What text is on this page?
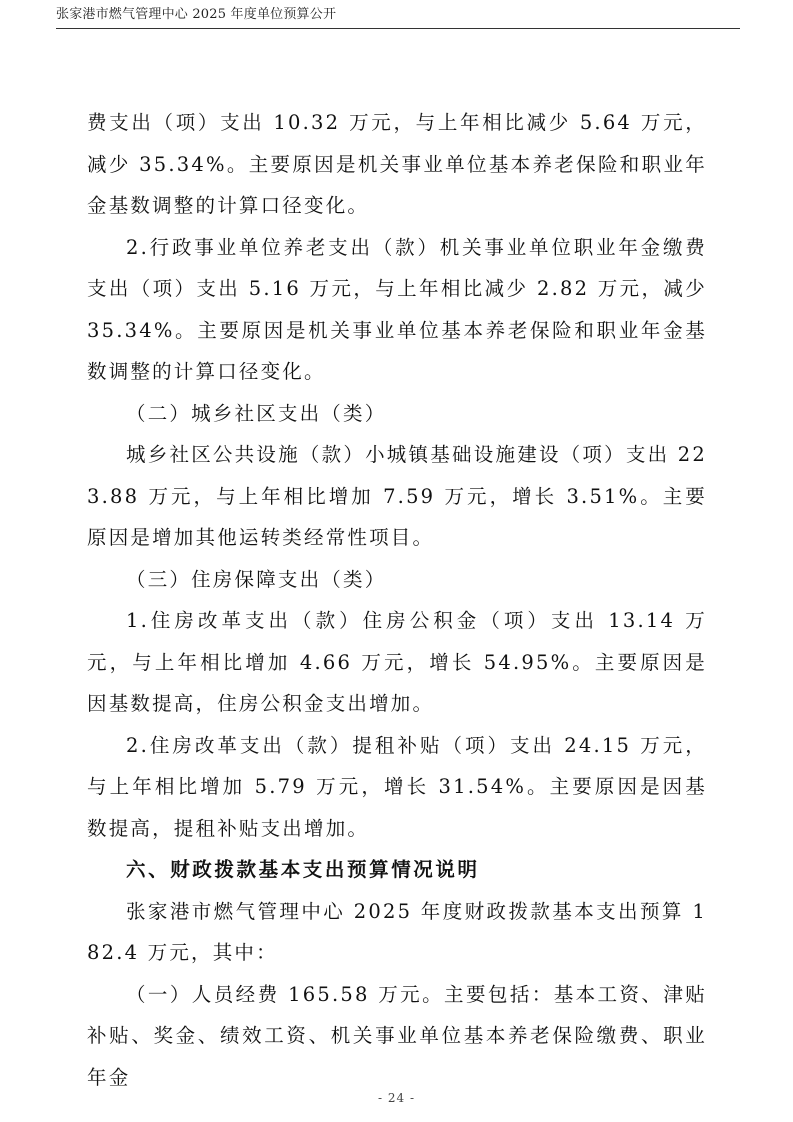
张家港市燃气管理中心 2025 年度单位预算公开

费支出（项）支出 10.32 万元，与上年相比减少 5.64 万元，减少 35.34%。主要原因是机关事业单位基本养老保险和职业年金基数调整的计算口径变化。

2.行政事业单位养老支出（款）机关事业单位职业年金缴费支出（项）支出 5.16 万元，与上年相比减少 2.82 万元，减少 35.34%。主要原因是机关事业单位基本养老保险和职业年金基数调整的计算口径变化。

（二）城乡社区支出（类）

城乡社区公共设施（款）小城镇基础设施建设（项）支出 223.88 万元，与上年相比增加 7.59 万元，增长 3.51%。主要原因是增加其他运转类经常性项目。

（三）住房保障支出（类）

1.住房改革支出（款）住房公积金（项）支出 13.14 万元，与上年相比增加 4.66 万元，增长 54.95%。主要原因是因基数提高，住房公积金支出增加。

2.住房改革支出（款）提租补贴（项）支出 24.15 万元，与上年相比增加 5.79 万元，增长 31.54%。主要原因是因基数提高，提租补贴支出增加。

六、财政拨款基本支出预算情况说明

张家港市燃气管理中心 2025 年度财政拨款基本支出预算 182.4 万元，其中：

（一）人员经费 165.58 万元。主要包括：基本工资、津贴补贴、奖金、绩效工资、机关事业单位基本养老保险缴费、职业年金

- 24 -
